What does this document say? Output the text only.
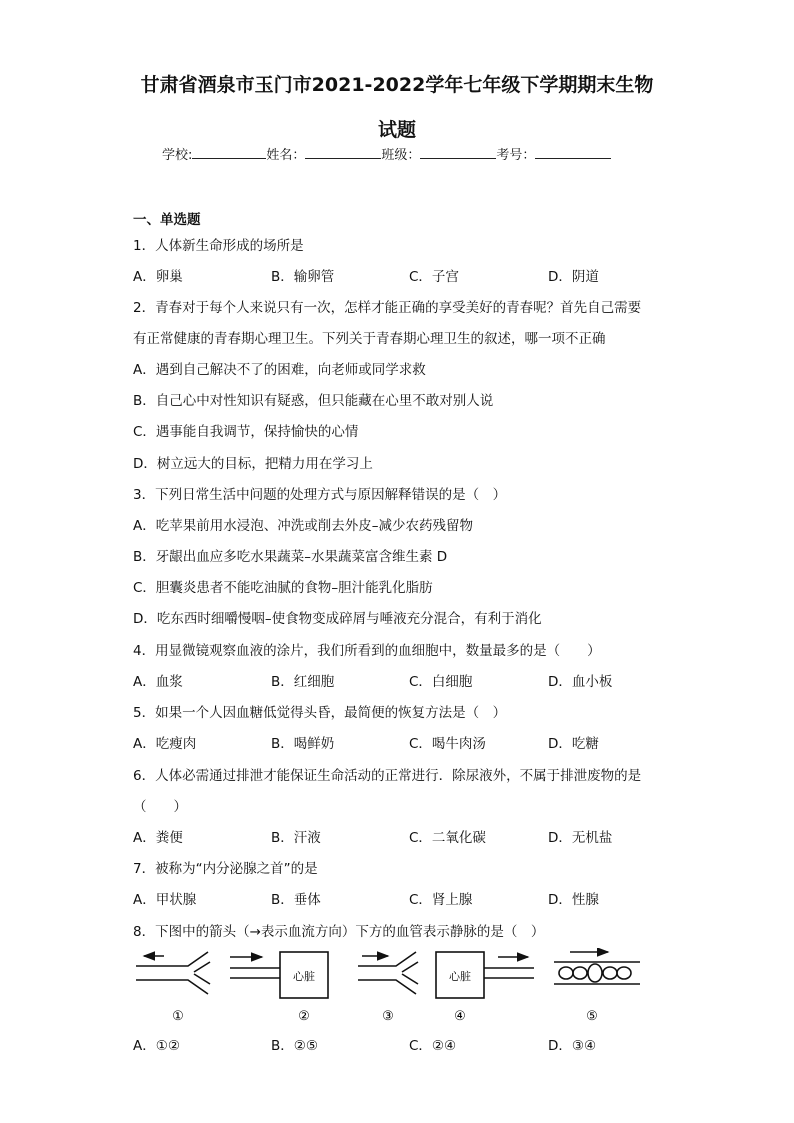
甘肃省酒泉市玉门市2021-2022学年七年级下学期期末生物
试题
学校:	姓名：	班级：	考号：
一、单选题
1．人体新生命形成的场所是
A．卵巢	B．输卵管	C．子宫	D．阴道
2．青春对于每个人来说只有一次，怎样才能正确的享受美好的青春呢？首先自己需要
有正常健康的青春期心理卫生。下列关于青春期心理卫生的叙述，哪一项不正确
A．遇到自己解决不了的困难，向老师或同学求救
B．自己心中对性知识有疑惑，但只能藏在心里不敢对别人说
C．遇事能自我调节，保持愉快的心情
D．树立远大的目标，把精力用在学习上
3．下列日常生活中问题的处理方式与原因解释错误的是（　）
A．吃苹果前用水浸泡、冲洗或削去外皮–减少农药残留物
B．牙龈出血应多吃水果蔬菜–水果蔬菜富含维生素 D
C．胆囊炎患者不能吃油腻的食物–胆汁能乳化脂肪
D．吃东西时细嚼慢咽–使食物变成碎屑与唾液充分混合，有利于消化
4．用显微镜观察血液的涂片，我们所看到的血细胞中，数量最多的是（　　）
A．血浆	B．红细胞	C．白细胞	D．血小板
5．如果一个人因血糖低觉得头昏，最简便的恢复方法是（　）
A．吃瘦肉	B．喝鲜奶	C．喝牛肉汤	D．吃糖
6．人体必需通过排泄才能保证生命活动的正常进行．除尿液外，不属于排泄废物的是
（　　）
A．粪便	B．汗液	C．二氧化碳	D．无机盐
7．被称为“内分泌腺之首”的是
A．甲状腺	B．垂体	C．肾上腺	D．性腺
8．下图中的箭头（→表示血流方向）下方的血管表示静脉的是（　）
心脏	心脏
①	②	③	④	⑤
A．①②	B．②⑤	C．②④	D．③④
